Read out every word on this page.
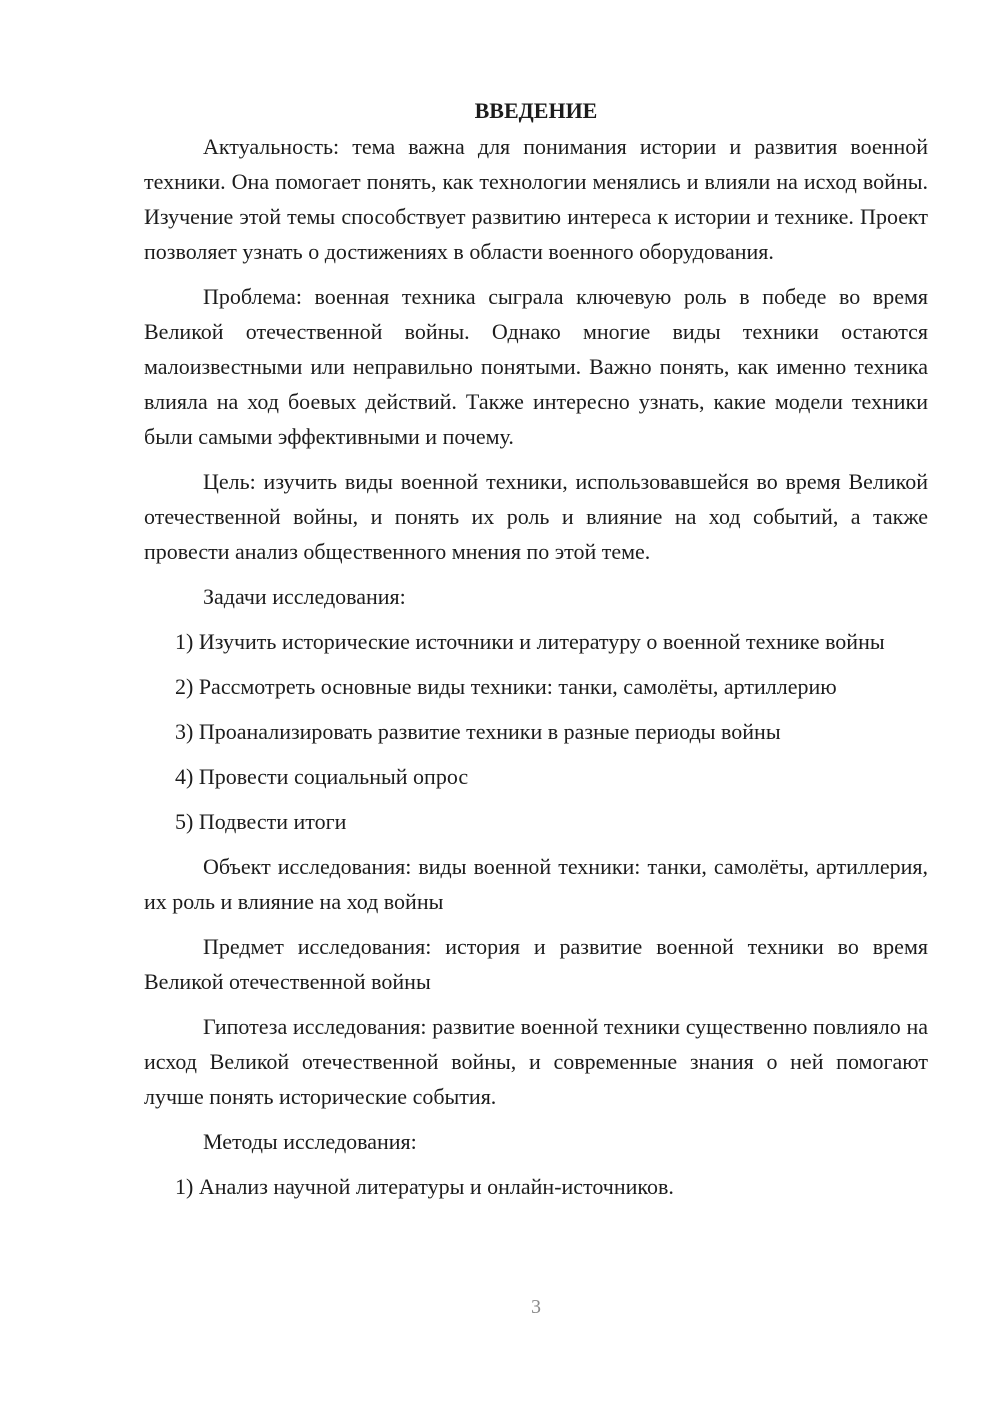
ВВЕДЕНИЕ

Актуальность: тема важна для понимания истории и развития военной техники. Она помогает понять, как технологии менялись и влияли на исход войны. Изучение этой темы способствует развитию интереса к истории и технике. Проект позволяет узнать о достижениях в области военного оборудования.

Проблема: военная техника сыграла ключевую роль в победе во время Великой отечественной войны. Однако многие виды техники остаются малоизвестными или неправильно понятыми. Важно понять, как именно техника влияла на ход боевых действий. Также интересно узнать, какие модели техники были самыми эффективными и почему.

Цель: изучить виды военной техники, использовавшейся во время Великой отечественной войны, и понять их роль и влияние на ход событий, а также провести анализ общественного мнения по этой теме.

Задачи исследования:

1) Изучить исторические источники и литературу о военной технике войны

2) Рассмотреть основные виды техники: танки, самолёты, артиллерию

3) Проанализировать развитие техники в разные периоды войны

4) Провести социальный опрос

5) Подвести итоги

Объект исследования: виды военной техники: танки, самолёты, артиллерия, их роль и влияние на ход войны

Предмет исследования: история и развитие военной техники во время Великой отечественной войны

Гипотеза исследования: развитие военной техники существенно повлияло на исход Великой отечественной войны, и современные знания о ней помогают лучше понять исторические события.

Методы исследования:

1) Анализ научной литературы и онлайн-источников.

3
